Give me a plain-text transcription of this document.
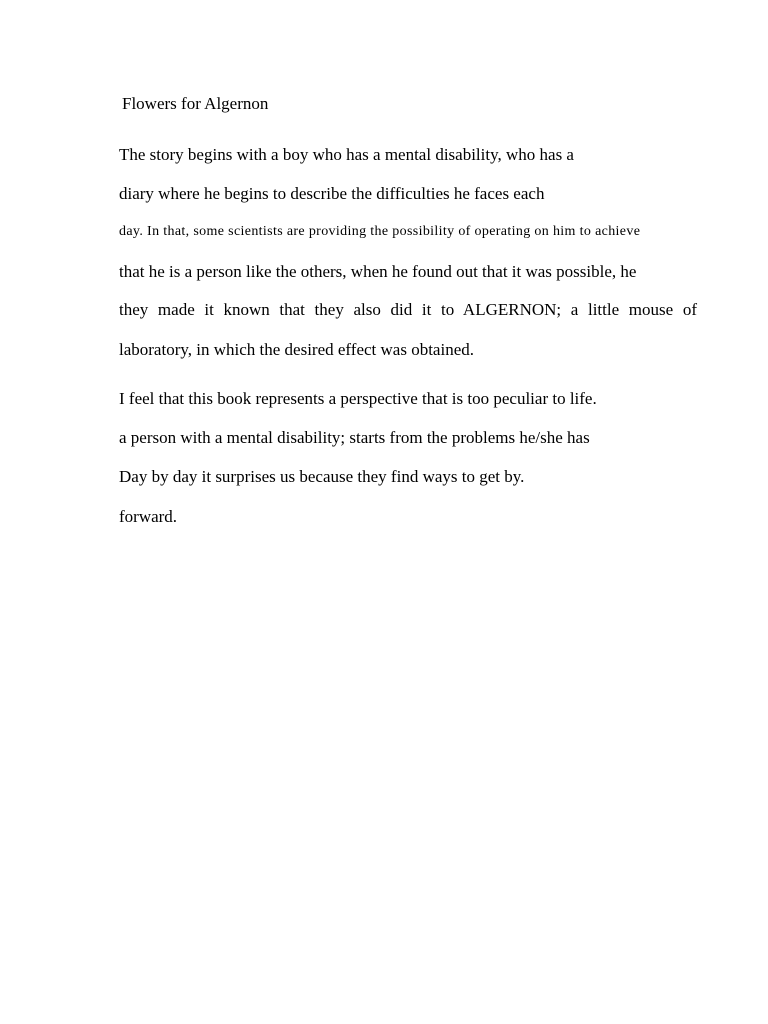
Flowers for Algernon
The story begins with a boy who has a mental disability, who has a
diary where he begins to describe the difficulties he faces each
day. In that, some scientists are providing the possibility of operating on him to achieve
that he is a person like the others, when he found out that it was possible, he
they made it known that they also did it to ALGERNON; a little mouse of
laboratory, in which the desired effect was obtained.
I feel that this book represents a perspective that is too peculiar to life.
a person with a mental disability; starts from the problems he/she has
Day by day it surprises us because they find ways to get by.
forward.
